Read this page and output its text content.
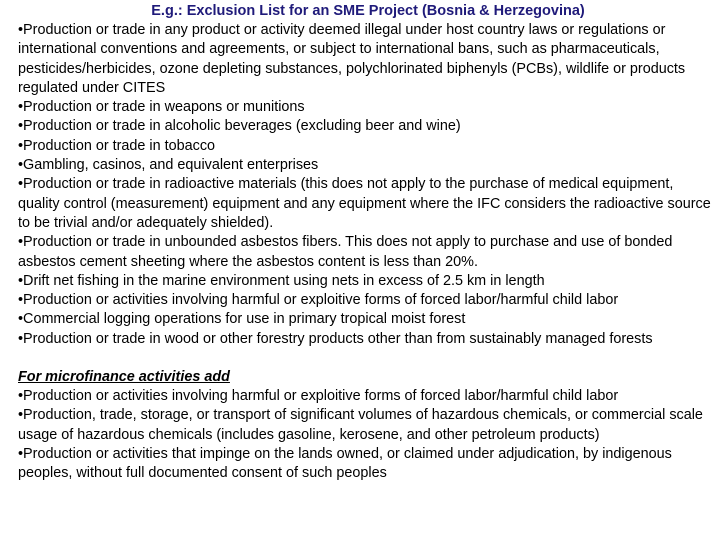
E.g.: Exclusion List for an SME Project (Bosnia & Herzegovina)
•Production or trade in any product or activity deemed illegal under host country laws or regulations or international conventions and agreements, or subject to international bans, such as pharmaceuticals, pesticides/herbicides, ozone depleting substances, polychlorinated biphenyls (PCBs), wildlife or products regulated under CITES
•Production or trade in weapons or munitions
•Production or trade in alcoholic beverages (excluding beer and wine)
•Production or trade in tobacco
•Gambling, casinos, and equivalent enterprises
•Production or trade in radioactive materials (this does not apply to the purchase of medical equipment, quality control (measurement) equipment and any equipment where the IFC considers the radioactive source to be trivial and/or adequately shielded).
•Production or trade in unbounded asbestos fibers. This does not apply to purchase and use of bonded asbestos cement sheeting where the asbestos content is less than 20%.
•Drift net fishing in the marine environment using nets in excess of 2.5 km in length
•Production or activities involving harmful or exploitive forms of forced labor/harmful child labor
•Commercial logging operations for use in primary tropical moist forest
•Production or trade in wood or other forestry products other than from sustainably managed forests
For microfinance activities add
•Production or activities involving harmful or exploitive forms of forced labor/harmful child labor
•Production, trade, storage, or transport of significant volumes of hazardous chemicals, or commercial scale usage of hazardous chemicals (includes gasoline, kerosene, and other petroleum products)
•Production or activities that impinge on the lands owned, or claimed under adjudication, by indigenous peoples, without full documented consent of such peoples
